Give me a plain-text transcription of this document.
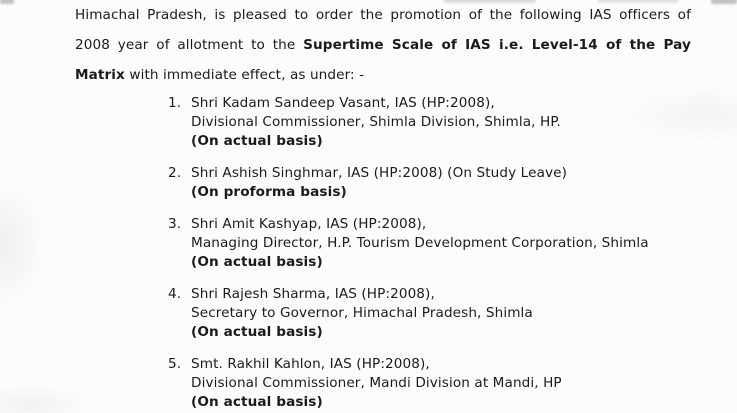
Himachal Pradesh, is pleased to order the promotion of the following IAS officers of
2008 year of allotment to the Supertime Scale of IAS i.e. Level-14 of the Pay
Matrix with immediate effect, as under: -
1. Shri Kadam Sandeep Vasant, IAS (HP:2008),
Divisional Commissioner, Shimla Division, Shimla, HP.
(On actual basis)
2. Shri Ashish Singhmar, IAS (HP:2008) (On Study Leave)
(On proforma basis)
3. Shri Amit Kashyap, IAS (HP:2008),
Managing Director, H.P. Tourism Development Corporation, Shimla
(On actual basis)
4. Shri Rajesh Sharma, IAS (HP:2008),
Secretary to Governor, Himachal Pradesh, Shimla
(On actual basis)
5. Smt. Rakhil Kahlon, IAS (HP:2008),
Divisional Commissioner, Mandi Division at Mandi, HP
(On actual basis)
